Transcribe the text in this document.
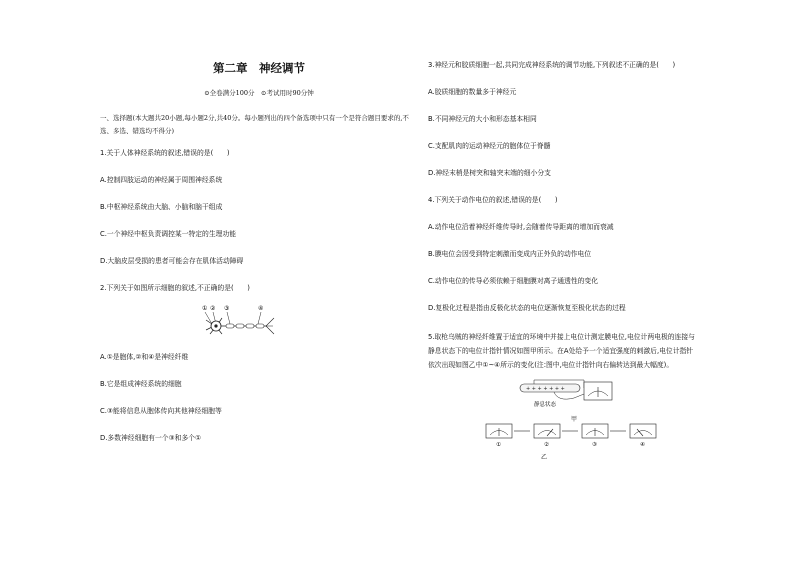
第二章　神经调节
⊙全卷满分100分　⊙考试用时90分钟
一、选择题(本大题共20小题,每小题2分,共40分。每小题列出的四个备选项中只有一个是符合题目要求的,不选、多选、错选均不得分)
1.关于人体神经系统的叙述,错误的是(　　)
A.控制四肢运动的神经属于周围神经系统
B.中枢神经系统由大脑、小脑和脑干组成
C.一个神经中枢负责调控某一特定的生理功能
D.大脑皮层受损的患者可能会存在肌体活动障碍
2.下列关于如图所示细胞的叙述,不正确的是(　　)
① ② ③	④
A.①是胞体,②和④是神经纤维
B.它是组成神经系统的细胞
C.③能将信息从胞体传向其他神经细胞等
D.多数神经细胞有一个③和多个①
3.神经元和胶质细胞一起,共同完成神经系统的调节功能,下列叙述不正确的是(　　)
A.胶质细胞的数量多于神经元
B.不同神经元的大小和形态基本相同
C.支配肌肉的运动神经元的胞体位于脊髓
D.神经末梢是树突和轴突末端的细小分支
4.下列关于动作电位的叙述,错误的是(　　)
A.动作电位沿着神经纤维传导时,会随着传导距离的增加而衰减
B.膜电位会因受到特定刺激而变成内正外负的动作电位
C.动作电位的传导必须依赖于细胞膜对离子通透性的变化
D.复极化过程是指由反极化状态的电位逐渐恢复至极化状态的过程
5.取枪乌贼的神经纤维置于适宜的环境中并接上电位计测定膜电位,电位计两电极的连接与
静息状态下的电位计指针情况如图甲所示。在A处给予一个适宜强度的刺激后,电位计指针
依次出现如图乙中①~④所示的变化(注:图中,电位计指针向右偏转达到最大幅度)。
+ + + + + + +
静息状态
甲
①	②	③	④
乙
